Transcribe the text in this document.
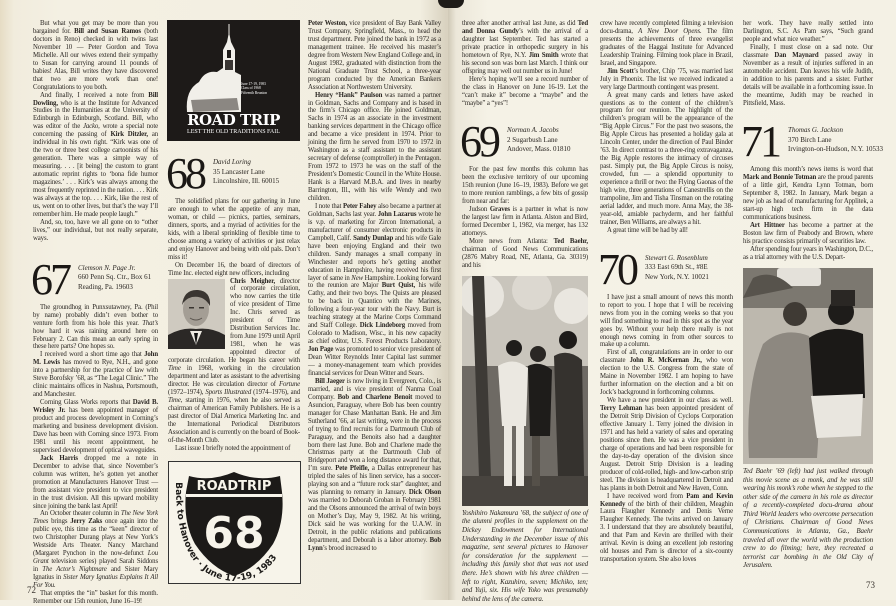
But what you get may be more than you bargained for. Bill and Susan Ramos (both doctors in Reno) checked in with twins last November 10 — Peter Gordon and Tova Michelle. All our wives extend their sympathy to Susan for carrying around 11 pounds of babies! Alas, Bill writes they have discovered that two are more work than one! Congratulations to you both.

And finally, I received a note from Bill Dowling, who is at the Institute for Advanced Studies in the Humanities at the University of Edinburgh in Edinburgh, Scotland. Bill, who was editor of the Jacko, wrote a special note concerning the passing of Kirk Ditzler, an individual in his own right. “Kirk was one of the two or three best college cartoonists of his generation. There was a simple way of measuring. . . . [it being] the custom to grant automatic reprint rights to ‘bona fide humor magazines.’ . . . Kirk’s was always among the most frequently reprinted in the nation. . . . Kirk was always at the top. . . . Kirk, like the rest of us, went on to other lives, but that’s the way I’ll remember him. He made people laugh.”

And, so, too, have we all gone on to “other lives,” our individual, but not really separate, ways.

67 Clemson N. Page Jr.
660 Penn Sq. Ctr., Box 61
Reading, Pa. 19603

The groundhog in Punxsutawney, Pa. (Phil by name) probably didn’t even bother to venture forth from his hole this year. That’s how hard it was raining around here on February 2. Can this mean an early spring in these here parts? One hopes so.

I received word a short time ago that John M. Lewis has moved to Rye, N.H., and gone into a partnership for the practice of law with Steve Borofsky ’68, as “The Legal Clinic.” The clinic maintains offices in Nashua, Portsmouth, and Manchester.

Corning Glass Works reports that David B. Wrisley Jr. has been appointed manager of product and process development in Corning’s marketing and business development division. Dave has been with Corning since 1973. From 1981 until his recent appointment, he supervised development of optical waveguides.

Jack Harris dropped me a note in December to advise that, since November’s column was written, he’s gotten yet another promotion at Manufacturers Hanover Trust — from assistant vice president to vice president in the trust division. All this upward mobility since joining the bank last April!

An October theater column in The New York Times brings Jerry Zaks once again into the public eye, this time as the “keen” director of two Christopher Durang plays at New York’s Westside Arts Theater. Nancy Marchand (Margaret Pynchon in the now-defunct Lou Grant television series) played Sarah Siddons in The Actor’s Nightmare and Sister Mary Ignatius in Sister Mary Ignatius Explains It All For You.

That empties the “in” basket for this month. Remember our 15th reunion, June 16–19!

June 17-19, 1983
Class of 1968
Fifteenth Reunion
ROAD TRIP
LEST THE OLD TRADITIONS FAIL
68 David Loring
35 Lancaster Lane
Lincolnshire, Ill. 60015

The solidified plans for our gathering in June are enough to whet the appetite of any man, woman, or child — picnics, parties, seminars, dinners, sports, and a myriad of activities for the kids, with a liberal sprinkling of flexible time to choose among a variety of activities or just relax and enjoy Hanover and being with old pals. Don’t miss it!

On December 16, the board of directors of Time Inc. elected eight new officers, including

Chris Meigher, director of corporate circulation, who now carries the title of vice president of Time Inc. Chris served as president of Time Distribution Services Inc. from June 1979 until April 1981, when he was appointed director of corporate circulation. He began his career with Time in 1968, working in the circulation department and later as assistant to the advertising director. He was circulation director of Fortune (1972–1974), Sports Illustrated (1974–1976), and Time, starting in 1976, when he also served as chairman of American Family Publishers. He is a past director of Dial America Marketing Inc. and the International Periodical Distributors Association and is currently on the board of Book-of-the-Month Club.

Last issue I briefly noted the appointment of

ROADTRIP
68
Back to Hanover · June 17-19, 1983

Peter Weston, vice president of Bay Bank Valley Trust Company, Springfield, Mass., to head the trust department. Pete joined the bank in 1972 as a management trainee. He received his master’s degree from Western New England College and, in August 1982, graduated with distinction from the National Graduate Trust School, a three-year program conducted by the American Bankers Association at Northwestern University.

Henry “Hank” Paulson was named a partner in Goldman, Sachs and Company and is based in the firm’s Chicago office. He joined Goldman, Sachs in 1974 as an associate in the investment banking services department in the Chicago office and became a vice president in 1974. Prior to joining the firm he served from 1970 to 1972 in Washington as a staff assistant to the assistant secretary of defense (comptroller) in the Pentagon. From 1972 to 1973 he was on the staff of the President’s Domestic Council in the White House. Hank is a Harvard M.B.A. and lives in nearby Barrington, Ill., with his wife Wendy and two children.

I note that Peter Fahey also became a partner at Goldman, Sachs last year. John Lazarus wrote he is v.p. of marketing for Zircon International, a manufacturer of consumer electronic products in Campbell, Calif. Sandy Dunlap and his wife Gale have been enjoying England and their two children. Sandy manages a small company in Winchester and reports he’s getting another education in Hampshire, having received his first layer of same in New Hampshire. Looking forward to the reunion are Major Burt Quist, his wife Cathy, and their two boys. The Quists are pleased to be back in Quantico with the Marines, following a four-year tour with the Navy. Burt is teaching strategy at the Marine Corps Command and Staff College. Dick Lindeborg moved from Colorado to Madison, Wisc., in his new capacity as chief editor, U.S. Forest Products Laboratory. Jon Page was promoted to senior vice president of Dean Witter Reynolds Inter Capital last summer — a money-management team which provides financial services for Dean Witter and Sears.

Bill Jaeger is now living in Evergreen, Colo., is married, and is vice president of Nanma Coal Company. Bob and Charlene Benoit moved to Asuncion, Paraguay, where Bob has been country manager for Chase Manhattan Bank. He and Jim Sutherland ’66, at last writing, were in the process of trying to find recruits for a Dartmouth Club of Paraguay, and the Benoits also had a daughter born there last June. Bob and Charlene made the Christmas party at the Dartmouth Club of Bridgeport and won a long distance award for that, I’m sure. Pete Pfeifle, a Dallas entrepreneur has tripled the sales of his linen service, has a soccer-playing son and a “future rock star” daughter, and was planning to remarry in January. Dick Olson was married to Deborah Groban in February 1981 and the Olsons announced the arrival of twin boys on Mother’s Day, May 9, 1982. At his writing, Dick said he was working for the U.A.W. in Detroit, in the public relations and publications department, and Deborah is a labor attorney. Bob Lynn’s brood increased to

72

three after another arrival last June, as did Ted and Donna Gundy’s with the arrival of a daughter last September. Ted has started a private practice in orthopedic surgery in his hometown of Rye, N.Y. Jim Smith wrote that his second son was born last March. I think our offspring may well out number us in June!

Here’s hoping we’ll see a record number of the class in Hanover on June 16-19. Let the “can’t make it” become a “maybe” and the “maybe” a “yes”!

69 Norman A. Jacobs
2 Sugarbush Lane
Andover, Mass. 01810

For the past few months this column has been the exclusive territory of our upcoming 15th reunion (June 16–19, 1983). Before we get to more reunion ramblings, a few bits of gossip from near and far:

Judson Graves is a partner in what is now the largest law firm in Atlanta. Alston and Bird, formed December 1, 1982, via merger, has 132 attorneys.

More news from Atlanta: Ted Baehr, chairman of Good News Communications (2876 Mabry Road, NE, Atlanta, Ga. 30319) and his

Yoshihiro Nakamura ’68, the subject of one of the alumni profiles in the supplement on the Dickey Endowment for International Understanding in the December issue of this magazine, sent several pictures to Hanover for consideration for the supplement — including this family shot that was not used there. He’s shown with his three children — left to right, Kazuhiro, seven; Michiko, ten; and Yuji, six. His wife Yoko was presumably behind the lens of the camera.

crew have recently completed filming a television docu-drama, A New Door Opens. The film presents the achievements of three evangelist graduates of the Haggai Institute for Advanced Leadership Training. Filming took place in Brazil, Israel, and Singapore.

Jim Scott’s brother, Chip ’75, was married last July in Phoenix. The list we received indicated a very large Dartmouth contingent was present.

A great many cards and letters have asked questions as to the content of the children’s program for our reunion. The highlight of the children’s program will be the appearance of the “Big Apple Circus.” For the past two seasons, the Big Apple Circus has presented a holiday gala at Lincoln Center, under the direction of Paul Binder ’63. In direct contrast to a three-ring extravaganza, the Big Apple restores the intimacy of circuses past. Simply put, the Big Apple Circus is noisy, crowded, fun — a splendid opportunity to experience a thrill or two: the Flying Gaonas of the high wire, three generations of Canestrellis on the trampoline, Jim and Tisha Tinsman on the rotating aerial ladder, and much more. Anna May, the 38-year-old, amiable pachyderm, and her faithful trainer, Ben Williams, are always a hit.

A great time will be had by all!

70 Stewart G. Rosenblum
333 East 69th St., #8E
New York, N.Y. 10021

I have just a small amount of news this month to report to you. I hope that I will be receiving news from you in the coming weeks so that you will find something to read in this spot as the year goes by. Without your help there really is not enough news coming in from other sources to make up a column.

First of all, congratulations are in order to our classmate John R. McKernan Jr., who won election to the U.S. Congress from the state of Maine in November 1982. I am hoping to have further information on the election and a bit on Jock’s background in forthcoming columns.

We have a new president in our class as well. Terry Lehman has been appointed president of the Detroit Strip Division of Cyclops Corporation effective January 1. Terry joined the division in 1971 and has held a variety of sales and operating positions since then. He was a vice president in charge of operations and had been responsible for the day-to-day operation of the division since August. Detroit Strip Division is a leading producer of cold-rolled, high- and low-carbon strip steel. The division is headquartered in Detroit and has plants in both Detroit and New Haven, Conn.

I have received word from Pam and Kevin Kennedy of the birth of their children, Meaghin Laura Flaugher Kennedy and Denis Verne Flaugher Kennedy. The twins arrived on January 3. I understand that they are absolutely beautiful, and that Pam and Kevin are thrilled with their arrival. Kevin is doing an excellent job restoring old houses and Pam is director of a six-county transportation system. She also loves

her work. They have really settled into Darlington, S.C. As Pam says, “Such grand people and what nice weather.”

Finally, I must close on a sad note. Our classmate Dan Maynard passed away in November as a result of injuries suffered in an automobile accident. Dan leaves his wife Judith, in addition to his parents and a sister. Further details will be available in a forthcoming issue. In the meantime, Judith may be reached in Pittsfield, Mass.

71 Thomas G. Jackson
370 Birch Lane
Irvington-on-Hudson, N.Y. 10533

Among this month’s news items is word that Mark and Bonnie Totman are the proud parents of a little girl, Kendra Lynn Totman, born September 8, 1982. In January, Mark began a new job as head of manufacturing for Applitek, a start-up high tech firm in the data communications business.

Art Hittner has become a partner at the Boston law firm of Peabody and Brown, where his practice consists primarily of securities law.

After spending four years in Washington, D.C., as a trial attorney with the U.S. Depart-

Ted Baehr ’69 (left) had just walked through this movie scene as a monk, and he was still wearing his monk’s robe when he stepped to the other side of the camera in his role as director of a recently-completed docu-drama about Third World leaders who overcome persecution of Christians. Chairman of Good News Communications in Atlanta, Ga., Baehr traveled all over the world with the production crew to do filming; here, they recreated a terrorist car bombing in the Old City of Jerusalem.
73
